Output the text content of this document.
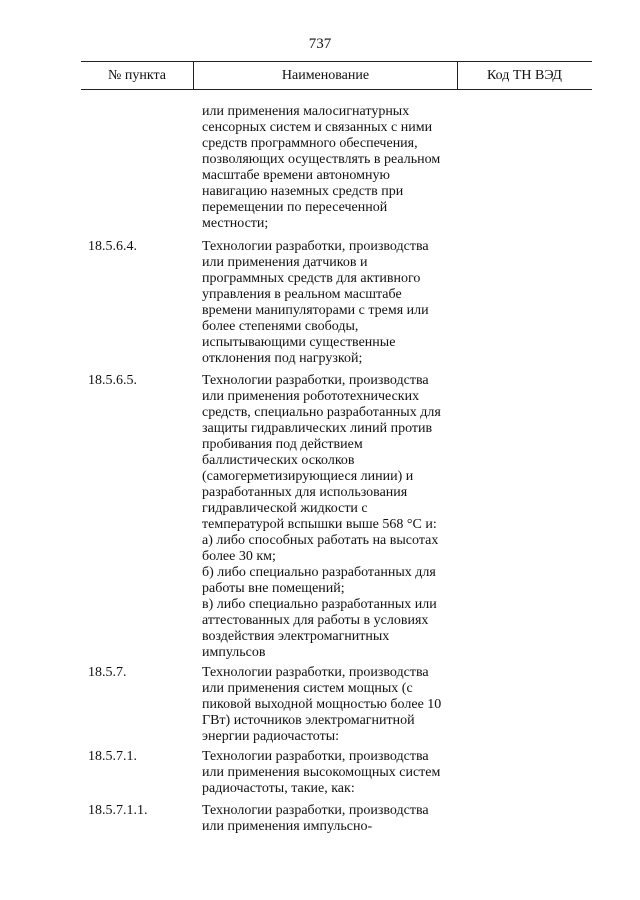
737
№ пункта	Наименование	Код ТН ВЭД
или применения малосигнатурных
сенсорных систем и связанных с ними
средств программного обеспечения,
позволяющих осуществлять в реальном
масштабе времени автономную
навигацию наземных средств при
перемещении по пересеченной
местности;
18.5.6.4.	Технологии разработки, производства
или применения датчиков и
программных средств для активного
управления в реальном масштабе
времени манипуляторами с тремя или
более степенями свободы,
испытывающими существенные
отклонения под нагрузкой;
18.5.6.5.	Технологии разработки, производства
или применения робототехнических
средств, специально разработанных для
защиты гидравлических линий против
пробивания под действием
баллистических осколков
(самогерметизирующиеся линии) и
разработанных для использования
гидравлической жидкости с
температурой вспышки выше 568 °С и:
а) либо способных работать на высотах
более 30 км;
б) либо специально разработанных для
работы вне помещений;
в) либо специально разработанных или
аттестованных для работы в условиях
воздействия электромагнитных
импульсов
18.5.7.	Технологии разработки, производства
или применения систем мощных (с
пиковой выходной мощностью более 10
ГВт) источников электромагнитной
энергии радиочастоты:
18.5.7.1.	Технологии разработки, производства
или применения высокомощных систем
радиочастоты, такие, как:
18.5.7.1.1.	Технологии разработки, производства
или применения импульсно-
